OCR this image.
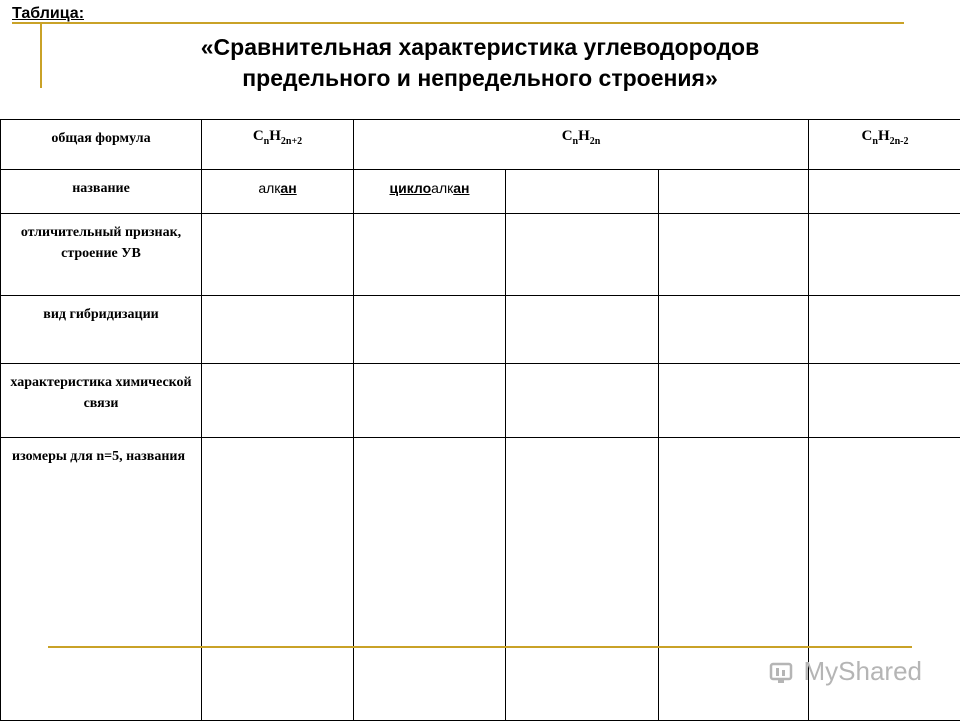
Таблица:
«Сравнительная характеристика углеводородов
предельного и непредельного строения»
общая формула	$C_nH_{2n+2}$	$C_nH_{2n}$			$C_nH_{2n-2}$
название	алкан	циклоалкан			
отличительный признак, строение УВ					
вид гибридизации					
характеристика химической связи					
изомеры для n=5, названия					
MyShared
